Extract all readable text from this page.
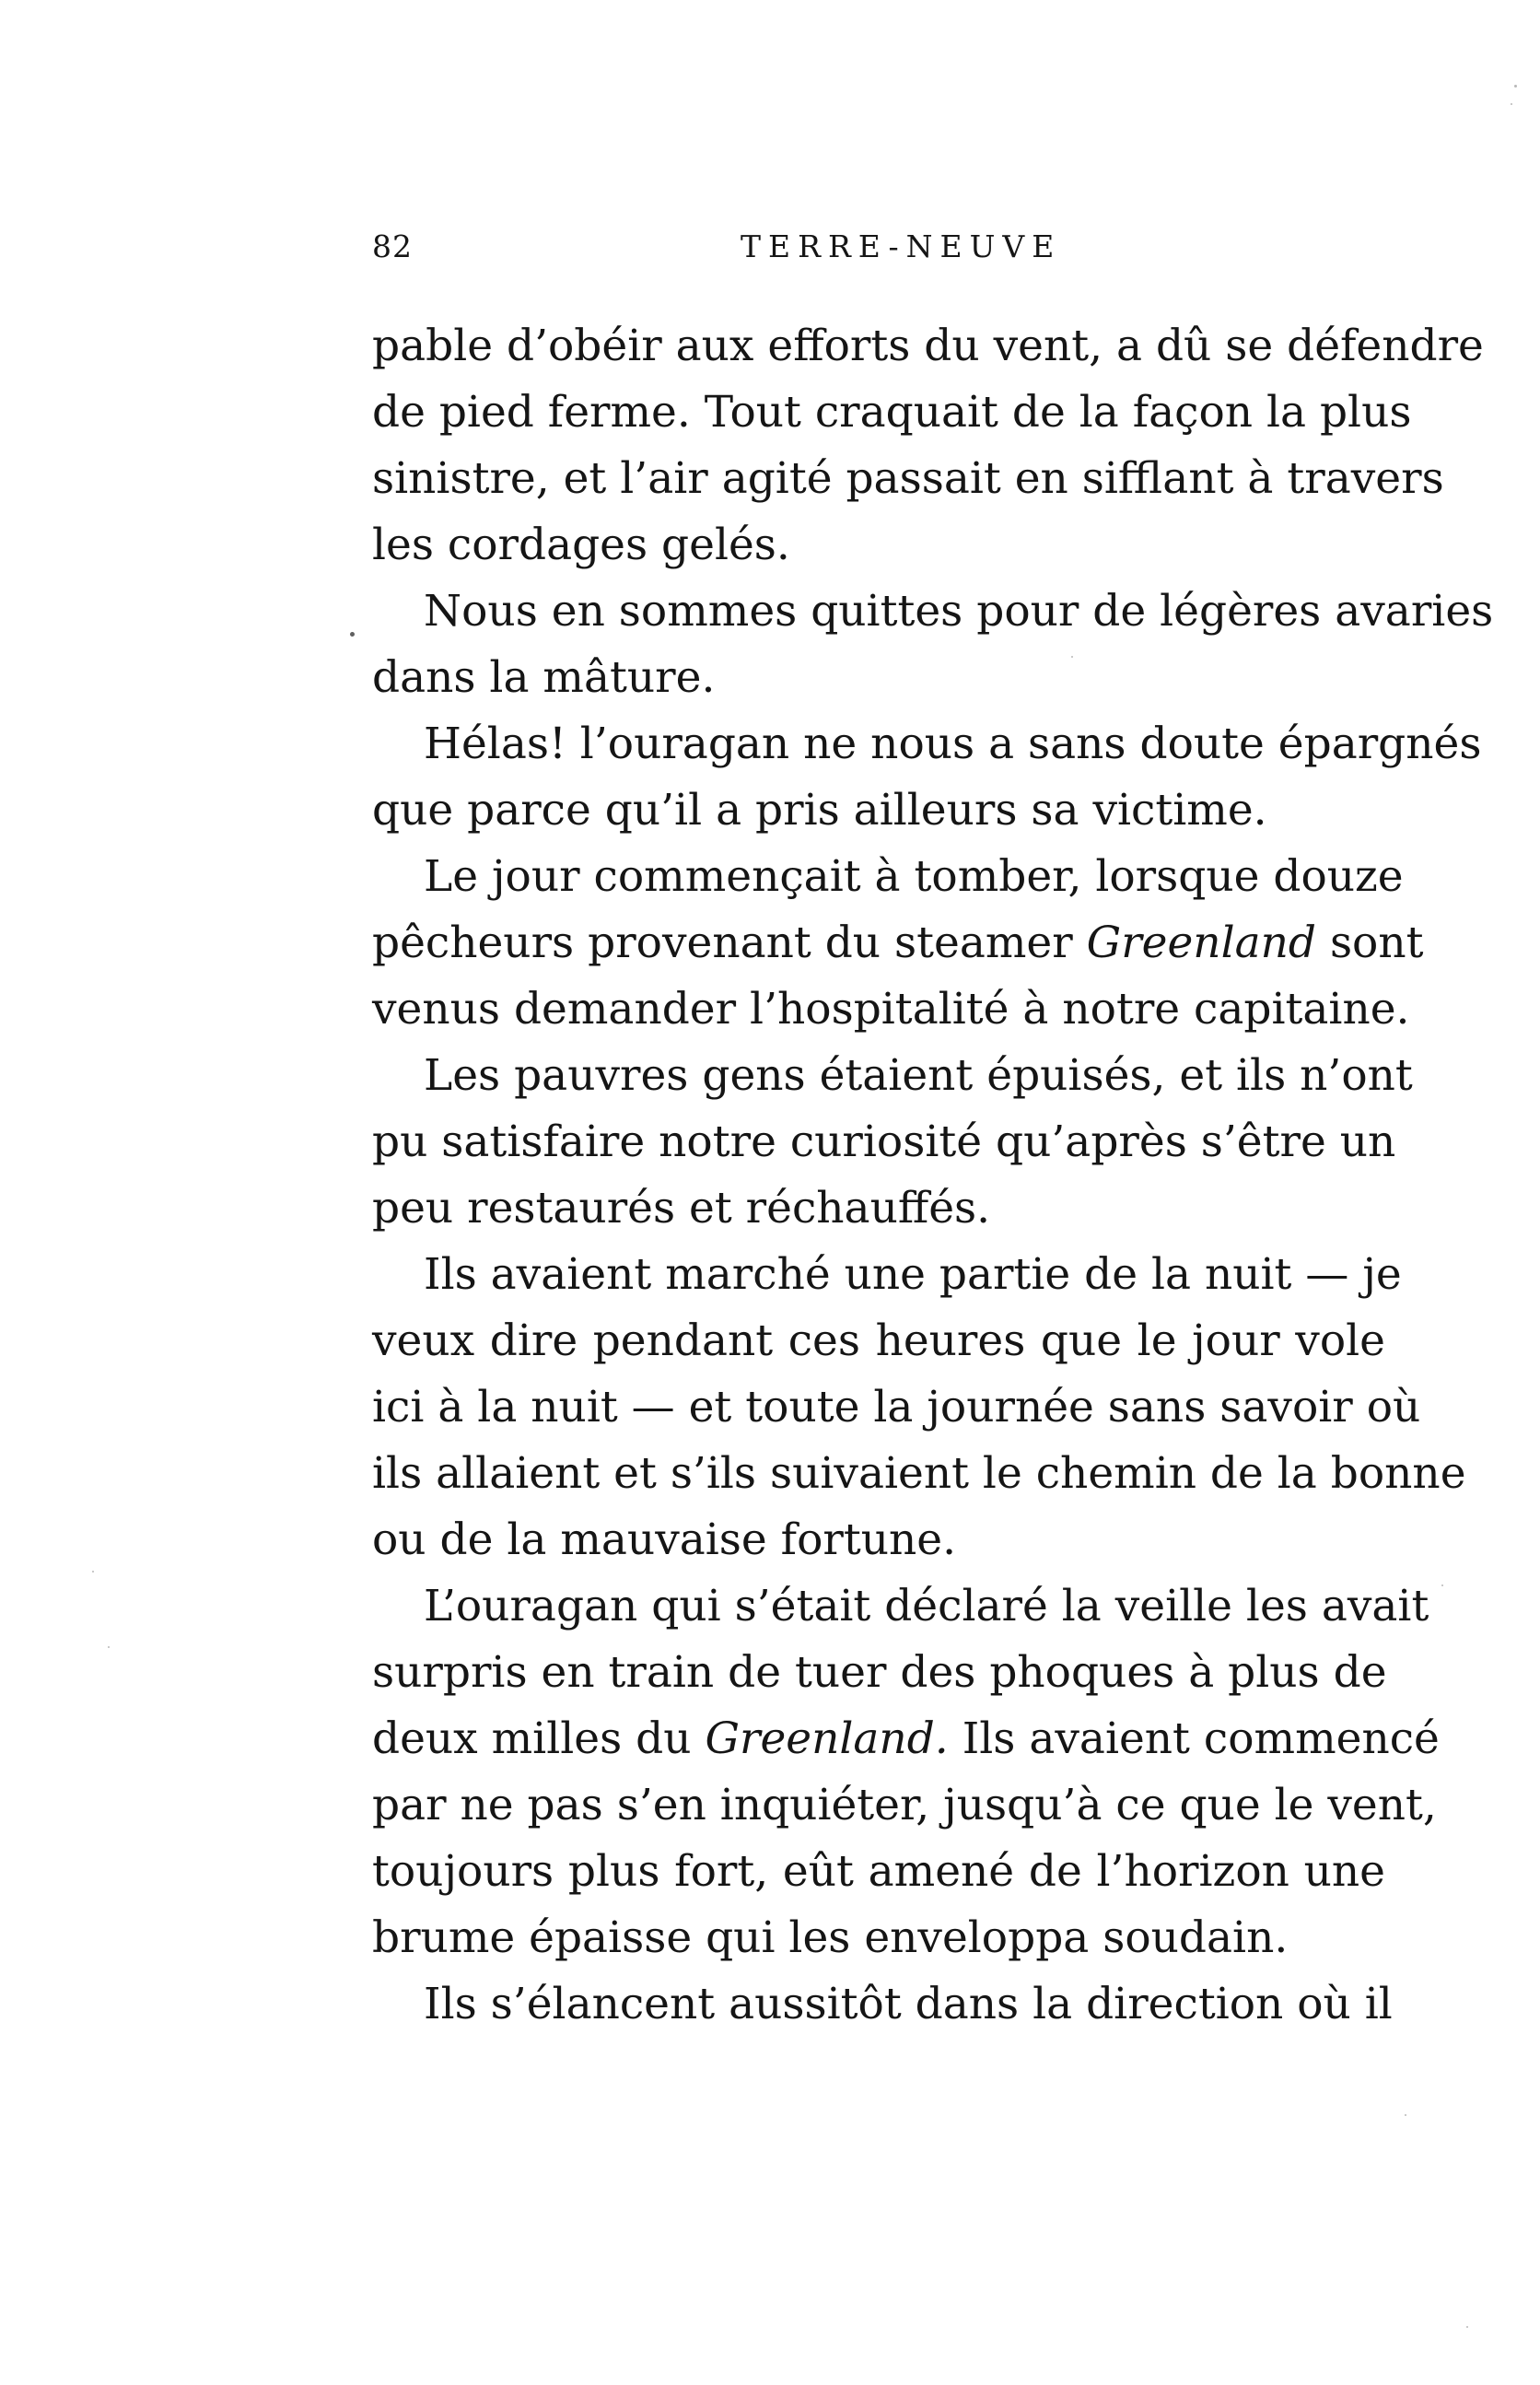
82	TERRE-NEUVE
pable d’obéir aux efforts du vent, a dû se défendre
de pied ferme. Tout craquait de la façon la plus
sinistre, et l’air agité passait en sifflant à travers
les cordages gelés.
Nous en sommes quittes pour de légères avaries
dans la mâture.
Hélas! l’ouragan ne nous a sans doute épargnés
que parce qu’il a pris ailleurs sa victime.
Le jour commençait à tomber, lorsque douze
pêcheurs provenant du steamer Greenland sont
venus demander l’hospitalité à notre capitaine.
Les pauvres gens étaient épuisés, et ils n’ont
pu satisfaire notre curiosité qu’après s’être un
peu restaurés et réchauffés.
Ils avaient marché une partie de la nuit — je
veux dire pendant ces heures que le jour vole
ici à la nuit — et toute la journée sans savoir où
ils allaient et s’ils suivaient le chemin de la bonne
ou de la mauvaise fortune.
L’ouragan qui s’était déclaré la veille les avait
surpris en train de tuer des phoques à plus de
deux milles du Greenland. Ils avaient commencé
par ne pas s’en inquiéter, jusqu’à ce que le vent,
toujours plus fort, eût amené de l’horizon une
brume épaisse qui les enveloppa soudain.
Ils s’élancent aussitôt dans la direction où il
